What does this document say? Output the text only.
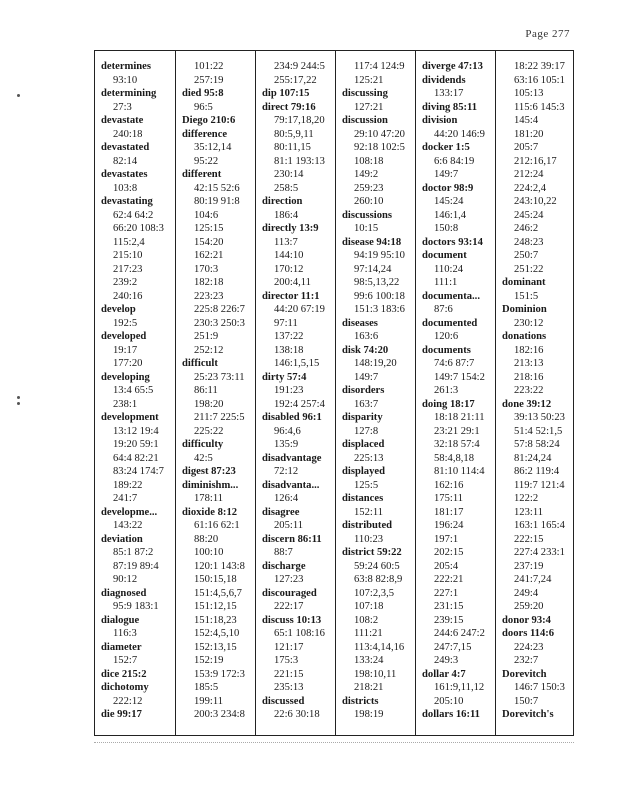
Page 277
determines
93:10
determining
27:3
devastate
240:18
devastated
82:14
devastates
103:8
devastating
62:4 64:2
66:20 108:3
115:2,4
215:10
217:23
239:2
240:16
develop
192:5
developed
19:17
177:20
developing
13:4 65:5
238:1
development
13:12 19:4
19:20 59:1
64:4 82:21
83:24 174:7
189:22
241:7
developme...
143:22
deviation
85:1 87:2
87:19 89:4
90:12
diagnosed
95:9 183:1
dialogue
116:3
diameter
152:7
dice 215:2
dichotomy
222:12
die 99:17
101:22
257:19
died 95:8
96:5
Diego 210:6
difference
35:12,14
95:22
different
42:15 52:6
80:19 91:8
104:6
125:15
154:20
162:21
170:3
182:18
223:23
225:8 226:7
230:3 250:3
251:9
252:12
difficult
25:23 73:11
86:11
198:20
211:7 225:5
225:22
difficulty
42:5
digest 87:23
diminishm...
178:11
dioxide 8:12
61:16 62:1
88:20
100:10
120:1 143:8
150:15,18
151:4,5,6,7
151:12,15
151:18,23
152:4,5,10
152:13,15
152:19
153:9 172:3
185:5
199:11
200:3 234:8
234:9 244:5
255:17,22
dip 107:15
direct 79:16
79:17,18,20
80:5,9,11
80:11,15
81:1 193:13
230:14
258:5
direction
186:4
directly 13:9
113:7
144:10
170:12
200:4,11
director 11:1
44:20 67:19
97:11
137:22
138:18
146:1,5,15
dirty 57:4
191:23
192:4 257:4
disabled 96:1
96:4,6
135:9
disadvantage
72:12
disadvanta...
126:4
disagree
205:11
discern 86:11
88:7
discharge
127:23
discouraged
222:17
discuss 10:13
65:1 108:16
121:17
175:3
221:15
235:13
discussed
22:6 30:18
117:4 124:9
125:21
discussing
127:21
discussion
29:10 47:20
92:18 102:5
108:18
149:2
259:23
260:10
discussions
10:15
disease 94:18
94:19 95:10
97:14,24
98:5,13,22
99:6 100:18
151:3 183:6
diseases
163:6
disk 74:20
148:19,20
149:7
disorders
163:7
disparity
127:8
displaced
225:13
displayed
125:5
distances
152:11
distributed
110:23
district 59:22
59:24 60:5
63:8 82:8,9
107:2,3,5
107:18
108:2
111:21
113:4,14,16
133:24
198:10,11
218:21
districts
198:19
diverge 47:13
dividends
133:17
diving 85:11
division
44:20 146:9
docker 1:5
6:6 84:19
149:7
doctor 98:9
145:24
146:1,4
150:8
doctors 93:14
document
110:24
111:1
documenta...
87:6
documented
120:6
documents
74:6 87:7
149:7 154:2
261:3
doing 18:17
18:18 21:11
23:21 29:1
32:18 57:4
58:4,8,18
81:10 114:4
162:16
175:11
181:17
196:24
197:1
202:15
205:4
222:21
227:1
231:15
239:15
244:6 247:2
247:7,15
249:3
dollar 4:7
161:9,11,12
205:10
dollars 16:11
18:22 39:17
63:16 105:1
105:13
115:6 145:3
145:4
181:20
205:7
212:16,17
212:24
224:2,4
243:10,22
245:24
246:2
248:23
250:7
251:22
dominant
151:5
Dominion
230:12
donations
182:16
213:13
218:16
223:22
done 39:12
39:13 50:23
51:4 52:1,5
57:8 58:24
81:24,24
86:2 119:4
119:7 121:4
122:2
123:11
163:1 165:4
222:15
227:4 233:1
237:19
241:7,24
249:4
259:20
donor 93:4
doors 114:6
224:23
232:7
Dorevitch
146:7 150:3
150:7
Dorevitch's
